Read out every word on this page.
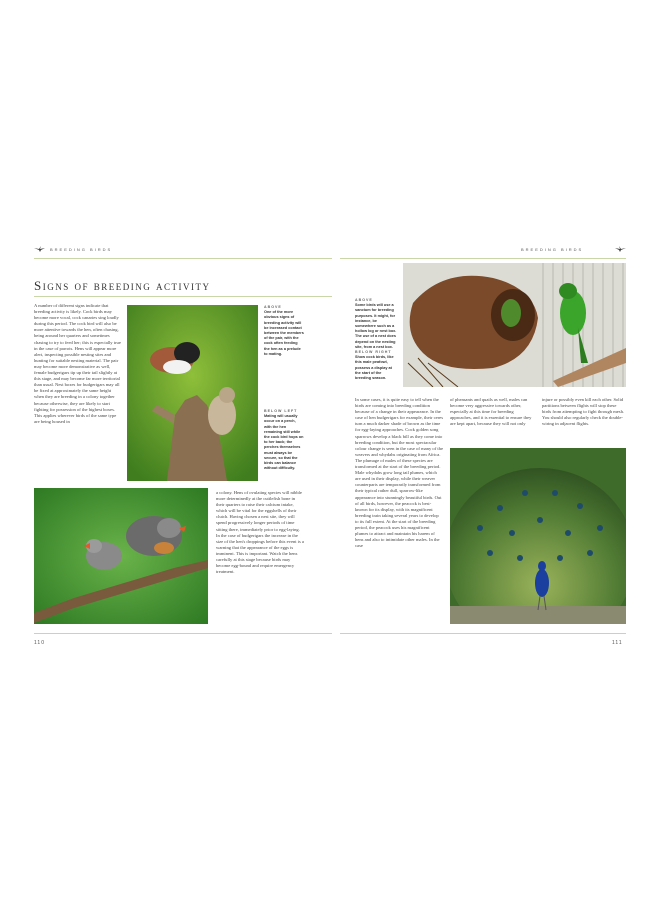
BREEDING BIRDS
Signs of breeding activity
A number of different signs indicate that breeding activity is likely. Cock birds may become more vocal, cock canaries sing loudly during this period. The cock bird will also be more attentive towards the hen, often chasing, being around her quarters and sometimes chasing to try to feed her; this is especially true in the case of parrots. Hens will appear more alert, inspecting possible nesting sites and hunting for suitable nesting material. The pair may become more demonstrative as well, female budgerigars tip up their tail slightly at this stage, and may become far more territorial than usual. Nest boxes for budgerigars may all be fixed at approximately the same height when they are breeding in a colony together because otherwise, they are likely to start fighting for possession of the highest boxes. This applies wherever birds of the same type are being housed in
ABOVE
One of the more obvious signs of breeding activity will be increased contact between the members of the pair, with the cock often feeding the hen as a prelude to mating.
BELOW LEFT
Mating will usually occur on a perch, with the hen remaining still while the cock bird hops on to her back; the perches themselves must always be secure, so that the birds can balance without difficulty.
a colony. Hens of ovulating species will nibble more determinedly at the cuttlefish bone in their quarters to raise their calcium intake, which will be vital for the eggshells of their clutch. Having chosen a nest site, they will spend progressively longer periods of time sitting there, immediately prior to egg-laying. In the case of budgerigars the increase in the size of the hen's droppings before this event is a warning that the appearance of the eggs is imminent. This is important. Watch the hens carefully at this stage because birds may become egg-bound and require emergency treatment.
110
BREEDING BIRDS
ABOVE
Some birds will use a sanctum for breeding purposes. It might, for instance, be somewhere such as a hollow log or nest box. The use of a nest does depend on the nesting site, from a nest box.
BELOW RIGHT
Show cock birds, like this male peafowl, possess a display at the start of the breeding season.
In some cases, it is quite easy to tell when the birds are coming into breeding condition because of a change in their appearance. In the case of hen budgerigars for example, their ceres turn a much darker shade of brown as the time for egg-laying approaches. Cock golden song sparrows develop a black bill as they come into breeding condition, but the most spectacular colour change is seen in the case of many of the weavers and whydahs originating from Africa. The plumage of males of these species are transformed at the start of the breeding period. Male whydahs grow long tail plumes, which are used in their display, while their weaver counterparts are temporarily transformed from their typical rather dull, sparrow-like appearance into stunningly beautiful birds. Out of all birds, however, the peacock is best-known for its display, with its magnificent breeding train taking several years to develop to its full extent. At the start of the breeding period, the peacock uses his magnificent plumes to attract and maintain his harem of hens and also to intimidate other males. In the case
of pheasants and quails as well, males can become very aggressive towards other, especially at this time for breeding approaches, and it is essential to ensure they are kept apart, because they will not only
injure or possibly even kill each other. Solid partitions between flights will stop these birds from attempting to fight through mesh. You should also regularly check the double-wiring in adjacent flights.
111
